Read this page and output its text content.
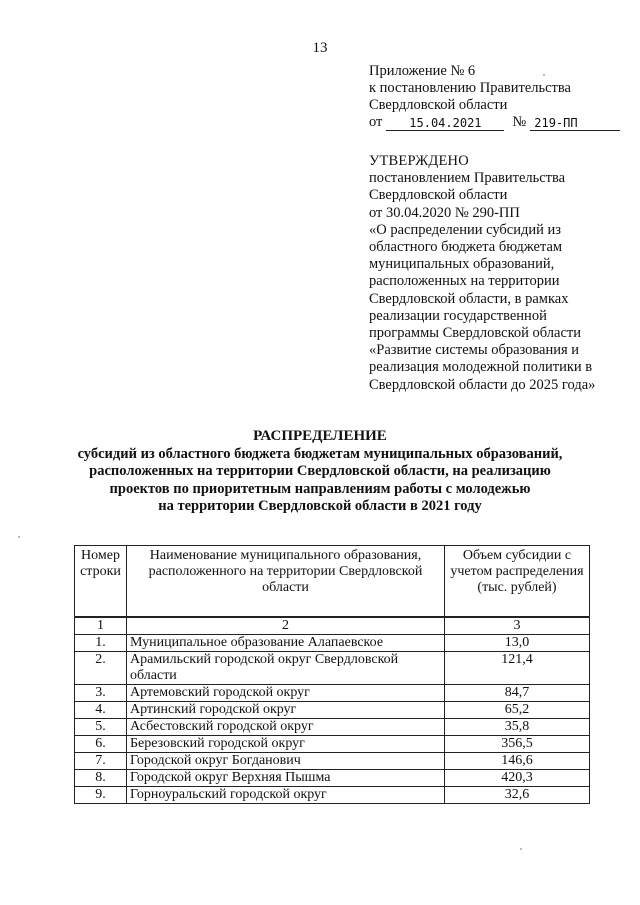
13
Приложение № 6
к постановлению Правительства
Свердловской области
от	15.04.2021	№ 219-ПП
УТВЕРЖДЕНО
постановлением Правительства
Свердловской области
от 30.04.2020 № 290-ПП
«О распределении субсидий из
областного бюджета бюджетам
муниципальных образований,
расположенных на территории
Свердловской области, в рамках
реализации государственной
программы Свердловской области
«Развитие системы образования и
реализация молодежной политики в
Свердловской области до 2025 года»
РАСПРЕДЕЛЕНИЕ
субсидий из областного бюджета бюджетам муниципальных образований,
расположенных на территории Свердловской области, на реализацию
проектов по приоритетным направлениям работы с молодежью
на территории Свердловской области в 2021 году
Номер строки	Наименование муниципального образования, расположенного на территории Свердловской области	Объем субсидии с учетом распределения (тыс. рублей)
1	2	3
1.	Муниципальное образование Алапаевское	13,0
2.	Арамильский городской округ Свердловской области	121,4
3.	Артемовский городской округ	84,7
4.	Артинский городской округ	65,2
5.	Асбестовский городской округ	35,8
6.	Березовский городской округ	356,5
7.	Городской округ Богданович	146,6
8.	Городской округ Верхняя Пышма	420,3
9.	Горноуральский городской округ	32,6
